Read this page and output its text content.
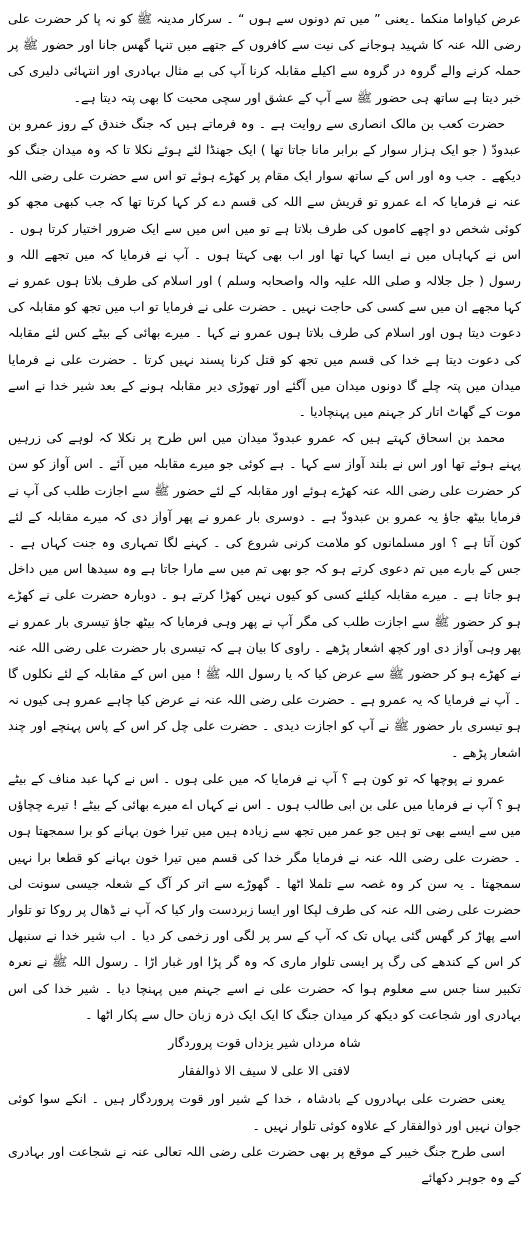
عرض کیاواما منکما ۔یعنی ” میں تم دونوں سے ہوں “ ۔ سرکار مدینہ ﷺ کو نہ پا کر حضرت علی رضی اللہ عنہ کا شہید ہوجانے کی نیت سے کافروں کے جتھے میں تنہا گھس جانا اور حضور ﷺ پر حملہ کرنے والے گروہ در گروہ سے اکیلے مقابلہ کرنا آپ کی بے مثال بہادری اور انتہائی دلیری کی خبر دیتا ہے ساتھ ہی حضور ﷺ سے آپ کے عشق اور سچی محبت کا بھی پتہ دیتا ہے۔

حضرت کعب بن مالک انصاری سے روایت ہے ۔ وہ فرماتے ہیں کہ جنگ خندق کے روز عمرو بن عبدودّ ( جو ایک ہزار سوار کے برابر مانا جاتا تھا ) ایک جھنڈا لئے ہوئے نکلا تا کہ وہ میدان جنگ کو دیکھے ۔ جب وہ اور اس کے ساتھ سوار ایک مقام پر کھڑے ہوئے تو اس سے حضرت علی رضی اللہ عنہ نے فرمایا کہ اے عمرو تو قریش سے اللہ کی قسم دے کر کہا کرتا تھا کہ جب کبھی مجھ کو کوئی شخص دو اچھے کاموں کی طرف بلاتا ہے تو میں اس میں سے ایک ضرور اختیار کرتا ہوں ۔ اس نے کہاہاں میں نے ایسا کہا تھا اور اب بھی کہتا ہوں ۔ آپ نے فرمایا کہ میں تجھے اللہ و رسول ( جل جلالہ و صلی اللہ علیہ والہ واصحابہ وسلم ) اور اسلام کی طرف بلاتا ہوں عمرو نے کہا مجھے ان میں سے کسی کی حاجت نہیں ۔ حضرت علی نے فرمایا تو اب میں تجھ کو مقابلہ کی دعوت دیتا ہوں اور اسلام کی طرف بلاتا ہوں عمرو نے کہا ۔ میرے بھائی کے بیٹے کس لئے مقابلہ کی دعوت دیتا ہے خدا کی قسم میں تجھ کو قتل کرنا پسند نہیں کرتا ۔ حضرت علی نے فرمایا میدان میں پتہ چلے گا دونوں میدان میں آگئے اور تھوڑی دیر مقابلہ ہونے کے بعد شیر خدا نے اسے موت کے گھاٹ اتار کر جہنم میں پہنچادیا ۔

محمد بن اسحاق کہتے ہیں کہ عمرو عبدودّ میدان میں اس طرح پر نکلا کہ لوہے کی زرہیں پہنے ہوئے تھا اور اس نے بلند آواز سے کہا ۔ ہے کوئی جو میرے مقابلہ میں آئے ۔ اس آواز کو سن کر حضرت علی رضی اللہ عنہ کھڑے ہوئے اور مقابلہ کے لئے حضور ﷺ سے اجازت طلب کی آپ نے فرمایا بیٹھ جاؤ یہ عمرو بن عبدودّ ہے ۔ دوسری بار عمرو نے پھر آواز دی کہ میرے مقابلہ کے لئے کون آتا ہے ؟ اور مسلمانوں کو ملامت کرنی شروع کی ۔ کہنے لگا تمہاری وہ جنت کہاں ہے ۔ جس کے بارے میں تم دعوی کرتے ہو کہ جو بھی تم میں سے مارا جاتا ہے وہ سیدھا اس میں داخل ہو جاتا ہے ۔ میرے مقابلہ کیلئے کسی کو کیوں نہیں کھڑا کرتے ہو ۔ دوبارہ حضرت علی نے کھڑے ہو کر حضور ﷺ سے اجازت طلب کی مگر آپ نے پھر وہی فرمایا کہ بیٹھ جاؤ تیسری بار عمرو نے پھر وہی آواز دی اور کچھ اشعار پڑھے ۔ راوی کا بیان ہے کہ تیسری بار حضرت علی رضی اللہ عنہ نے کھڑے ہو کر حضور ﷺ سے عرض کیا کہ یا رسول اللہ ﷺ ! میں اس کے مقابلہ کے لئے نکلوں گا ۔ آپ نے فرمایا کہ یہ عمرو ہے ۔ حضرت علی رضی اللہ عنہ نے عرض کیا چاہے عمرو ہی کیوں نہ ہو تیسری بار حضور ﷺ نے آپ کو اجازت دیدی ۔ حضرت علی چل کر اس کے پاس پہنچے اور چند اشعار پڑھے ۔

عمرو نے پوچھا کہ تو کون ہے ؟ آپ نے فرمایا کہ میں علی ہوں ۔ اس نے کہا عبد مناف کے بیٹے ہو ؟ آپ نے فرمایا میں علی بن ابی طالب ہوں ۔ اس نے کہاں اے میرے بھائی کے بیٹے ! تیرے چچاؤں میں سے ایسے بھی تو ہیں جو عمر میں تجھ سے زیادہ ہیں میں تیرا خون بہانے کو برا سمجھتا ہوں ۔ حضرت علی رضی اللہ عنہ نے فرمایا مگر خدا کی قسم میں تیرا خون بہانے کو قطعا برا نہیں سمجھتا ۔ یہ سن کر وہ غصہ سے تلملا اٹھا ۔ گھوڑے سے اتر کر آگ کے شعلہ جیسی سونت لی حضرت علی رضی اللہ عنہ کی طرف لپکا اور ایسا زبردست وار کیا کہ آپ نے ڈھال پر روکا تو تلوار اسے پھاڑ کر گھس گئی یہاں تک کہ آپ کے سر پر لگی اور زخمی کر دیا ۔ اب شیر خدا نے سنبھل کر اس کے کندھے کی رگ پر ایسی تلوار ماری کہ وہ گر پڑا اور غبار اڑا ۔ رسول اللہ ﷺ نے نعرہ تکبیر سنا جس سے معلوم ہوا کہ حضرت علی نے اسے جہنم میں پہنچا دیا ۔ شیر خدا کی اس بہادری اور شجاعت کو دیکھ کر میدان جنگ کا ایک ایک ذرہ زبان حال سے پکار اٹھا ۔

شاہ مرداں شیر یزداں قوت پروردگار

لافتی الا علی لا سیف الا ذوالفقار

یعنی حضرت علی بہادروں کے بادشاہ ، خدا کے شیر اور قوت پروردگار ہیں ۔ انکے سوا کوئی جوان نہیں اور ذوالفقار کے علاوہ کوئی تلوار نہیں ۔

اسی طرح جنگ خیبر کے موقع پر بھی حضرت علی رضی اللہ تعالی عنہ نے شجاعت اور بہادری کے وہ جوہر دکھائے
